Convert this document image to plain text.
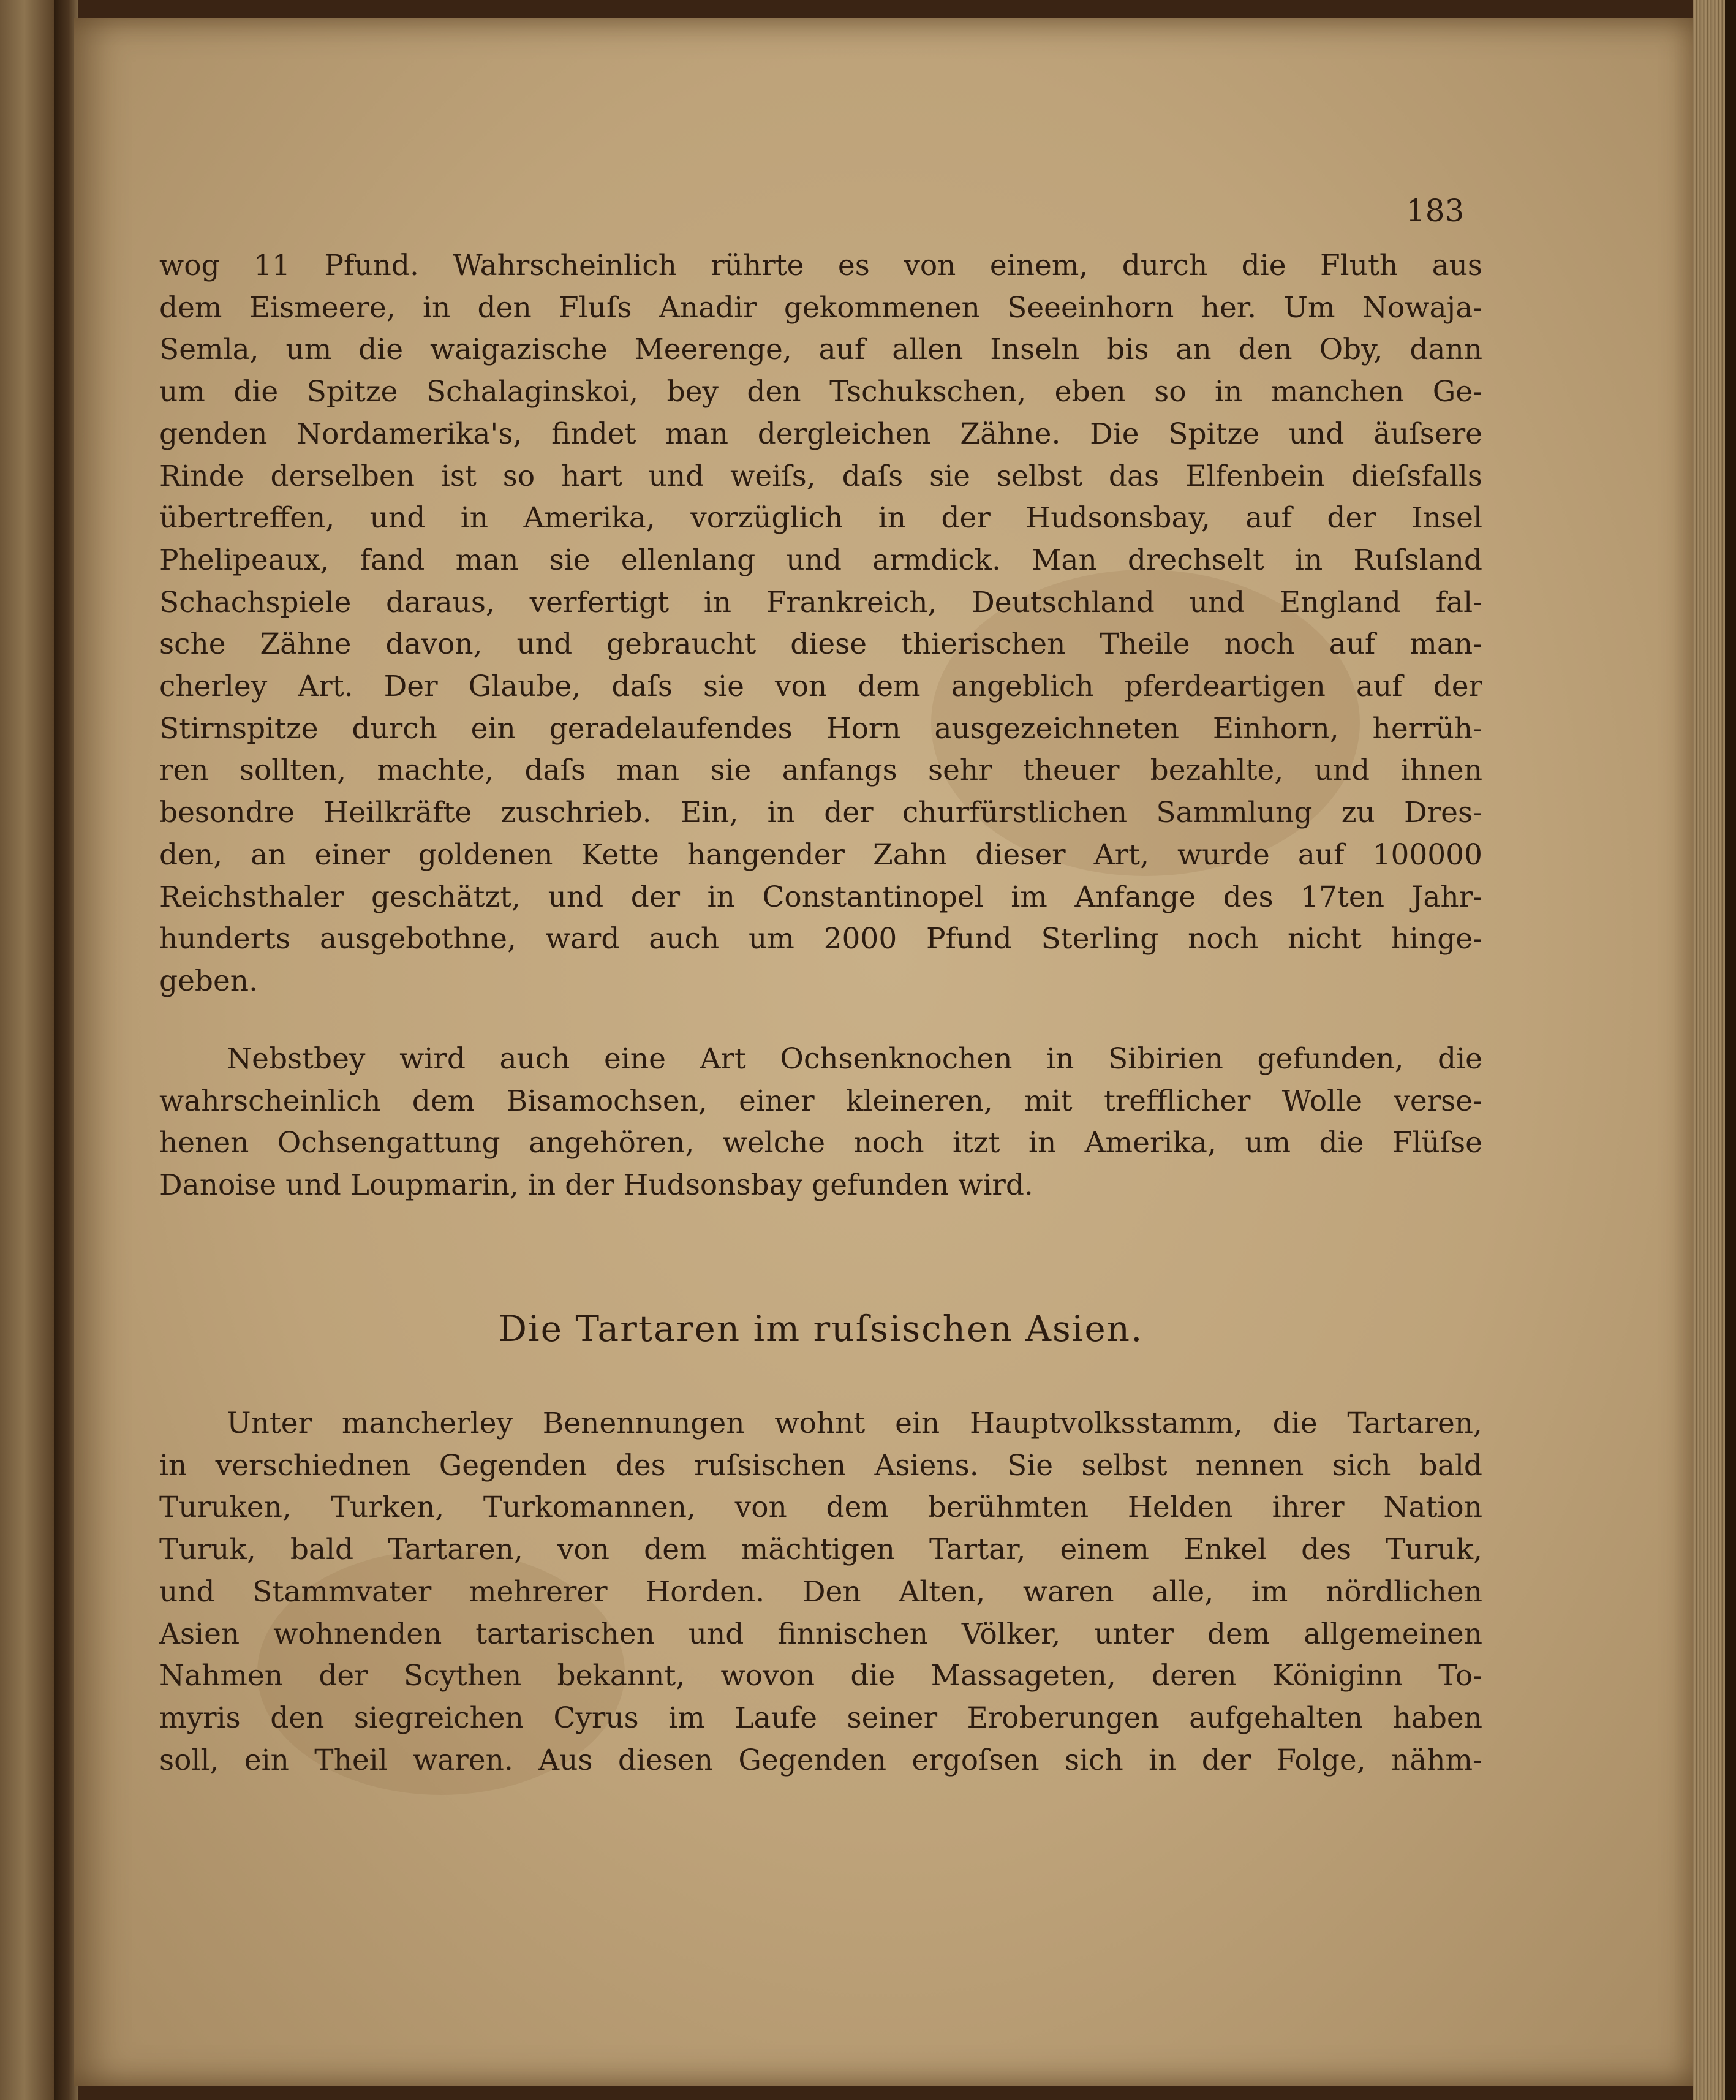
183
wog 11 Pfund. Wahrscheinlich rührte es von einem, durch die Fluth aus
dem Eismeere, in den Fluſs Anadir gekommenen Seeeinhorn her. Um Nowaja-
Semla, um die waigazische Meerenge, auf allen Inseln bis an den Oby, dann
um die Spitze Schalaginskoi, bey den Tschukschen, eben so in manchen Ge-
genden Nordamerika's, findet man dergleichen Zähne. Die Spitze und äuſsere
Rinde derselben ist so hart und weiſs, daſs sie selbst das Elfenbein dieſsfalls
übertreffen, und in Amerika, vorzüglich in der Hudsonsbay, auf der Insel
Phelipeaux, fand man sie ellenlang und armdick. Man drechselt in Ruſsland
Schachspiele daraus, verfertigt in Frankreich, Deutschland und England fal-
sche Zähne davon, und gebraucht diese thierischen Theile noch auf man-
cherley Art. Der Glaube, daſs sie von dem angeblich pferdeartigen auf der
Stirnspitze durch ein geradelaufendes Horn ausgezeichneten Einhorn, herrüh-
ren sollten, machte, daſs man sie anfangs sehr theuer bezahlte, und ihnen
besondre Heilkräfte zuschrieb. Ein, in der churfürstlichen Sammlung zu Dres-
den, an einer goldenen Kette hangender Zahn dieser Art, wurde auf 100000
Reichsthaler geschätzt, und der in Constantinopel im Anfange des 17ten Jahr-
hunderts ausgebothne, ward auch um 2000 Pfund Sterling noch nicht hinge-
geben.
Nebstbey wird auch eine Art Ochsenknochen in Sibirien gefunden, die
wahrscheinlich dem Bisamochsen, einer kleineren, mit trefflicher Wolle verse-
henen Ochsengattung angehören, welche noch itzt in Amerika, um die Flüſse
Danoise und Loupmarin, in der Hudsonsbay gefunden wird.
Die Tartaren im ruſsischen Asien.
Unter mancherley Benennungen wohnt ein Hauptvolksstamm, die Tartaren,
in verschiednen Gegenden des ruſsischen Asiens. Sie selbst nennen sich bald
Turuken, Turken, Turkomannen, von dem berühmten Helden ihrer Nation
Turuk, bald Tartaren, von dem mächtigen Tartar, einem Enkel des Turuk,
und Stammvater mehrerer Horden. Den Alten, waren alle, im nördlichen
Asien wohnenden tartarischen und finnischen Völker, unter dem allgemeinen
Nahmen der Scythen bekannt, wovon die Massageten, deren Königinn To-
myris den siegreichen Cyrus im Laufe seiner Eroberungen aufgehalten haben
soll, ein Theil waren. Aus diesen Gegenden ergoſsen sich in der Folge, nähm-
